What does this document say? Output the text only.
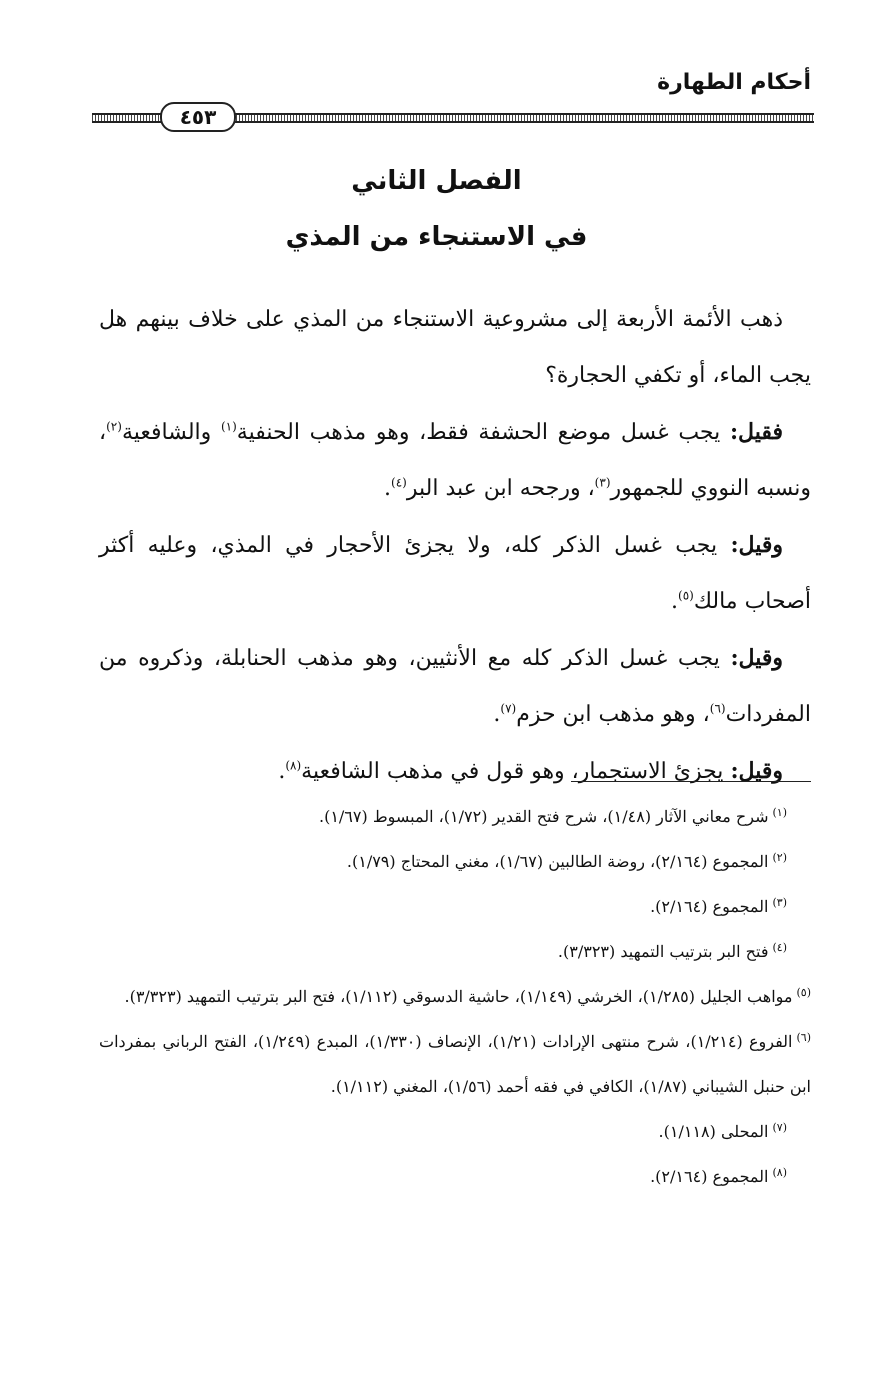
أحكام الطهارة
٤٥٣
الفصل الثاني
في الاستنجاء من المذي

ذهب الأئمة الأربعة إلى مشروعية الاستنجاء من المذي على خلاف بينهم هل يجب الماء، أو تكفي الحجارة؟

فقيل: يجب غسل موضع الحشفة فقط، وهو مذهب الحنفية$^{(١)}$ والشافعية$^{(٢)}$، ونسبه النووي للجمهور$^{(٣)}$، ورجحه ابن عبد البر$^{(٤)}$.

وقيل: يجب غسل الذكر كله، ولا يجزئ الأحجار في المذي، وعليه أكثر أصحاب مالك$^{(٥)}$.

وقيل: يجب غسل الذكر كله مع الأنثيين، وهو مذهب الحنابلة، وذكروه من المفردات$^{(٦)}$، وهو مذهب ابن حزم$^{(٧)}$.

وقيل: يجزئ الاستجمار، وهو قول في مذهب الشافعية$^{(٨)}$.

$^{(١)}$شرح معاني الآثار (١/٤٨)، شرح فتح القدير (١/٧٢)، المبسوط (١/٦٧).

$^{(٢)}$المجموع (٢/١٦٤)، روضة الطالبين (١/٦٧)، مغني المحتاج (١/٧٩).

$^{(٣)}$المجموع (٢/١٦٤).

$^{(٤)}$فتح البر بترتيب التمهيد (٣/٣٢٣).

$^{(٥)}$مواهب الجليل (١/٢٨٥)، الخرشي (١/١٤٩)، حاشية الدسوقي (١/١١٢)، فتح البر بترتيب التمهيد (٣/٣٢٣).

$^{(٦)}$الفروع (١/٢١٤)، شرح منتهى الإرادات (١/٢١)، الإنصاف (١/٣٣٠)، المبدع (١/٢٤٩)، الفتح الرباني بمفردات ابن حنبل الشيباني (١/٨٧)، الكافي في فقه أحمد (١/٥٦)، المغني (١/١١٢).

$^{(٧)}$المحلى (١/١١٨).

$^{(٨)}$المجموع (٢/١٦٤).
